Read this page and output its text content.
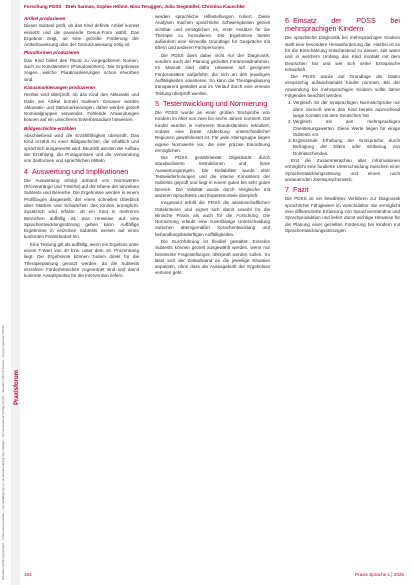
Urheberrechtlich geschützt – Inhalt ohne Gewähr – Vervielfältigung nur mit Genehmigung des Verlags – Schulz-Kirchner Verlag GmbH – Sprache Stimme Gehör – Praxis Sprache 1/2025 Praxisforum
Forschung PDSS · Dreh Sarmas, Sophie Höhne, Nina Teruggen, Julia Siegmüller, Christina Kauschke

Artikel produzieren

Dieser Subtest prüft, ob das Kind definite Artikel korrekt einsetzt und die passende Genus-Form wählt. Das Ergebnis zeigt, ob eine gezielte Förderung der Artikelzuweisung oder der Genuszuweisung nötig ist.

Pluralformen produzieren

Das Kind bildet den Plural zu vorgegebenen Nomen, auch zu Kunstwörtern (Pseudowörtern). Die Ergebnisse zeigen, welche Pluralmarkierungen schon erworben sind.

Kasusmarkierungen produzieren

Hierbei wird überprüft, ob das Kind den Akkusativ und Dativ am Artikel korrekt markiert. Genauer werden Akkusativ- und Dativmarkierungen, daher werden gezielt Nominalgruppen verwendet. Fehlende Anwendungen können auf ein unsicheres Erwerbsstadium hinweisen.

Bildgeschichte erzählen

Abschließend wird die Erzählfähigkeit überprüft. Das Kind erzählt zu einer Bildgeschichte, die inhaltlich und sprachlich ausgewertet wird. Beurteilt werden der Aufbau der Erzählung, die Protagonisten und die Verwendung von Zeitformen und sprachlichen Mitteln.

4 Auswertung und Implikationen

Die Auswertung erfolgt anhand von Normwerten (Prozentränge und T-Werte) auf der Ebene der einzelnen Subtests und Bereiche. Die Ergebnisse werden in einem Profilbogen dargestellt, der einen schnellen Überblick über Stärken und Schwächen des Kindes ermöglicht. Zusätzlich wird erfasst, ob ein Kind in mehreren Bereichen auffällig ist, was Hinweise auf eine Sprachentwicklungsstörung geben kann. Auffällige Ergebnisse in einzelnen Subtests weisen auf einen konkreten Förderbedarf hin.

Eine Testung gilt als auffällig, wenn ein Ergebnis unter einem T-Wert von 40 bzw. unter dem 16. Prozentrang liegt. Die Ergebnisse können zudem direkt für die Therapieplanung genutzt werden, da die Subtests einzelnen Förderbereichen zugeordnet sind und damit konkrete Ansatzpunkte für die Intervention liefern.

werden sprachliche Hilfestellungen notiert. Diese Analysen machen sprachliche Schwierigkeiten gezielt sichtbar und ermöglichen es, erste Ansätze für die Therapie zu formulieren. Die Ergebnisse bieten außerdem eine sinnvolle Grundlage für Gespräche mit Eltern und anderen Fachpersonen.

Die PDSS dient dabei nicht nur der Diagnostik, sondern auch der Planung gezielter Fördermaßnahmen. Im Manual sind dafür Hinweise auf geeignete Förderansätze aufgeführt, die sich an den jeweiligen Auffälligkeiten orientieren. So kann die Therapieplanung transparent gestaltet und im Verlauf durch eine erneute Testung überprüft werden.

5 Testentwicklung und Normierung

Die PDSS wurde an einer großen Stichprobe von Kindern im Alter von zwei bis sechs Jahren normiert. Die Kinder wurden in mehreren Bundesländern rekrutiert, sodass eine breite Abdeckung unterschiedlicher Regionen gewährleistet ist. Für jede Altersgruppe liegen eigene Normwerte vor, die eine präzise Einordnung ermöglichen.

Die PDSS gewährleistet Objektivität durch standardisierte Instruktionen und klare Auswertungsregeln. Die Reliabilität wurde über Testwiederholungen und die interne Konsistenz der Subtests geprüft und liegt in einem guten bis sehr guten Bereich. Die Validität wurde durch Vergleiche mit anderen Sprachtests und Expertenurteile überprüft.

Insgesamt erfüllt die PDSS die wissenschaftlichen Gütekriterien und eignet sich damit sowohl für die klinische Praxis als auch für die Forschung. Die Normierung erlaubt eine zuverlässige Unterscheidung zwischen altersgemäßer Sprachentwicklung und behandlungsbedürftigen Auffälligkeiten.

Die Durchführung ist flexibel gestaltet: Einzelne Subtests können gezielt ausgewählt werden, wenn nur bestimmte Fragestellungen überprüft werden sollen. So lässt sich der Zeitaufwand an die jeweilige Situation anpassen, ohne dass die Aussagekraft der Ergebnisse verloren geht.

6 Einsatz der PDSS bei mehrsprachigen Kindern

Die sprachliche Diagnostik bei mehrsprachigen Kindern stellt eine besondere Herausforderung dar. Hierbei ist es für die Einschätzung entscheidend zu wissen, seit wann und in welchem Umfang das Kind Kontakt mit dem Deutschen hat und wie sich seine Erstsprache entwickelt.

Die PDSS wurde auf Grundlage der Daten einsprachig aufwachsender Kinder normiert. Bei der Anwendung bei mehrsprachigen Kindern sollte daher Folgendes beachtet werden:

1. Vergleich mit der einsprachigen Normstichprobe nur dann sinnvoll, wenn das Kind bereits ausreichend lange Kontakt mit dem Deutschen hat.
2. Vergleich mit den mehrsprachigen Orientierungswerten. Diese Werte liegen für einige Subtests vor.
3. Ergänzende Erhebung der Erstsprache durch Befragung der Eltern oder Einbezug von Dolmetschenden.

Erst die Zusammenschau aller Informationen ermöglicht eine fundierte Unterscheidung zwischen einer Sprachentwicklungsstörung und einem noch andauernden Zweitspracherwerb.

7 Fazit

Die PDSS ist ein bewährtes Verfahren zur Diagnostik sprachlicher Fähigkeiten im Vorschulalter. Sie ermöglicht eine differenzierte Erfassung von Sprachverständnis und Sprachproduktion und liefert damit wichtige Hinweise für die Planung einer gezielten Förderung bei Kindern mit Sprachentwicklungsstörungen.

194	Praxis Sprache 1 | 2025
